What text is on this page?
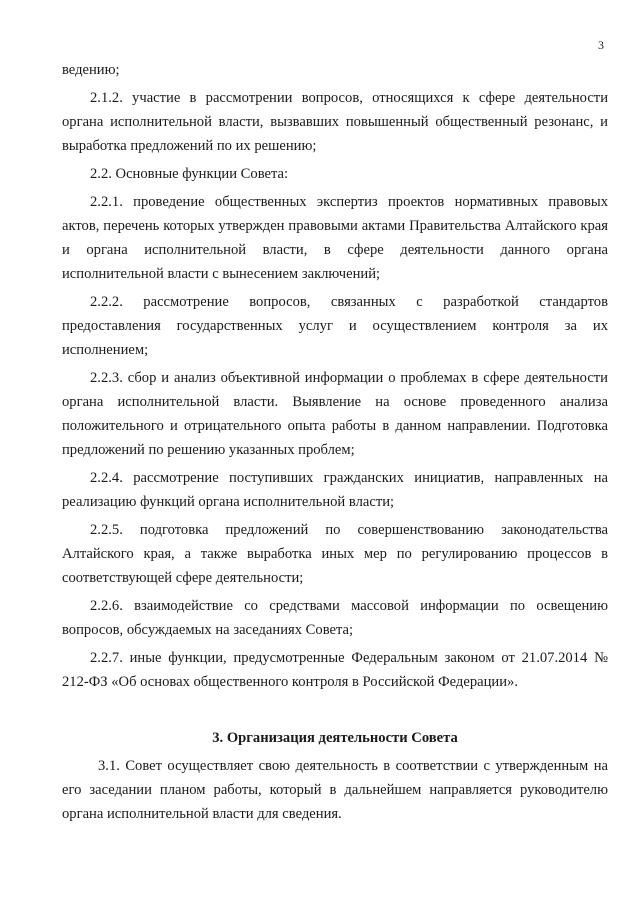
3

ведению;

2.1.2. участие в рассмотрении вопросов, относящихся к сфере деятельности органа исполнительной власти, вызвавших повышенный общественный резонанс, и выработка предложений по их решению;

2.2. Основные функции Совета:

2.2.1. проведение общественных экспертиз проектов нормативных правовых актов, перечень которых утвержден правовыми актами Правительства Алтайского края и органа исполнительной власти, в сфере деятельности данного органа исполнительной власти с вынесением заключений;

2.2.2. рассмотрение вопросов, связанных с разработкой стандартов предоставления государственных услуг и осуществлением контроля за их исполнением;

2.2.3. сбор и анализ объективной информации о проблемах в сфере деятельности органа исполнительной власти. Выявление на основе проведенного анализа положительного и отрицательного опыта работы в данном направлении. Подготовка предложений по решению указанных проблем;

2.2.4. рассмотрение поступивших гражданских инициатив, направленных на реализацию функций органа исполнительной власти;

2.2.5. подготовка предложений по совершенствованию законодательства Алтайского края, а также выработка иных мер по регулированию процессов в соответствующей сфере деятельности;

2.2.6. взаимодействие со средствами массовой информации по освещению вопросов, обсуждаемых на заседаниях Совета;

2.2.7. иные функции, предусмотренные Федеральным законом от 21.07.2014 № 212-ФЗ «Об основах общественного контроля в Российской Федерации».

3. Организация деятельности Совета

3.1. Совет осуществляет свою деятельность в соответствии с утвержденным на его заседании планом работы, который в дальнейшем направляется руководителю органа исполнительной власти для сведения.
